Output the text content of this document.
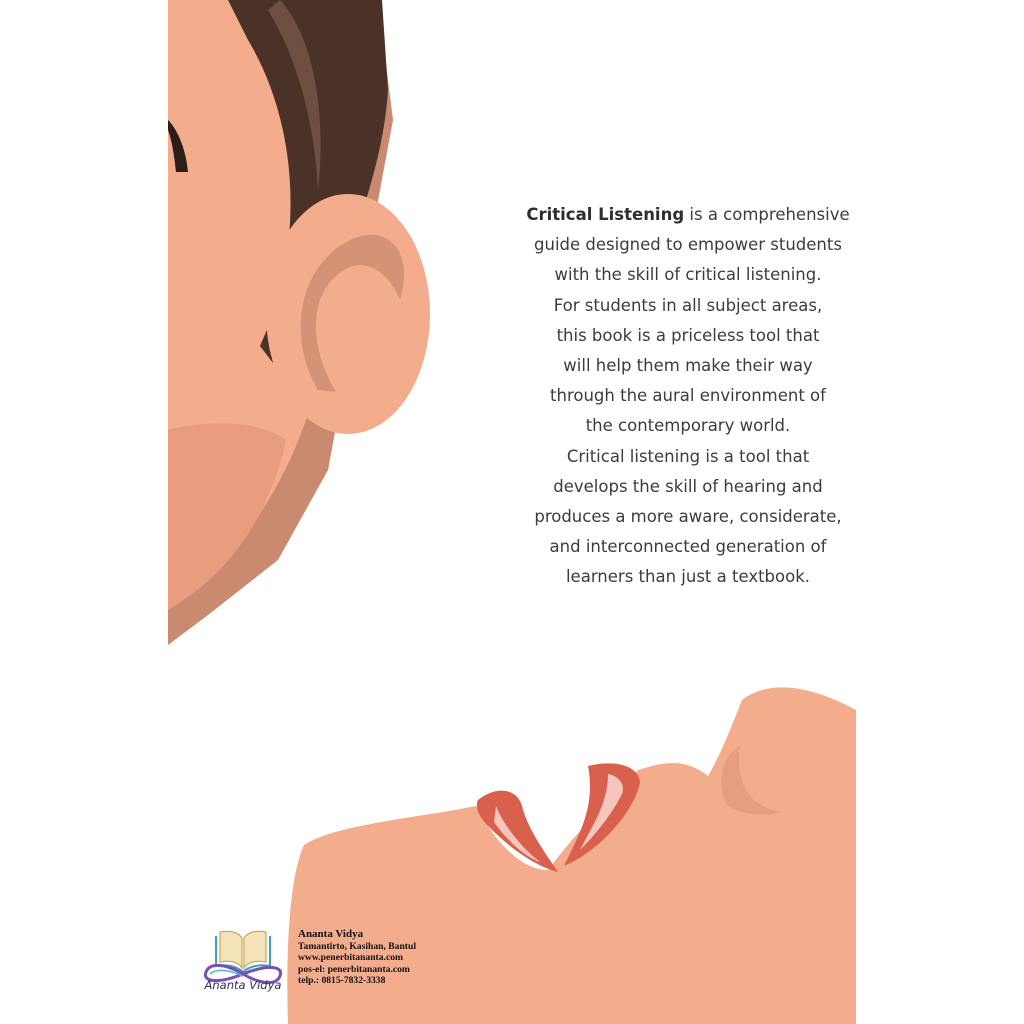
Critical Listening is a comprehensive
guide designed to empower students
with the skill of critical listening.
For students in all subject areas,
this book is a priceless tool that
will help them make their way
through the aural environment of
the contemporary world.
Critical listening is a tool that
develops the skill of hearing and
produces a more aware, considerate,
and interconnected generation of
learners than just a textbook.

Ananta Vidya
Ananta Vidya
Tamantirto, Kasihan, Bantul
www.penerbitananta.com
pos-el: penerbitananta.com
telp.: 0815-7832-3338
